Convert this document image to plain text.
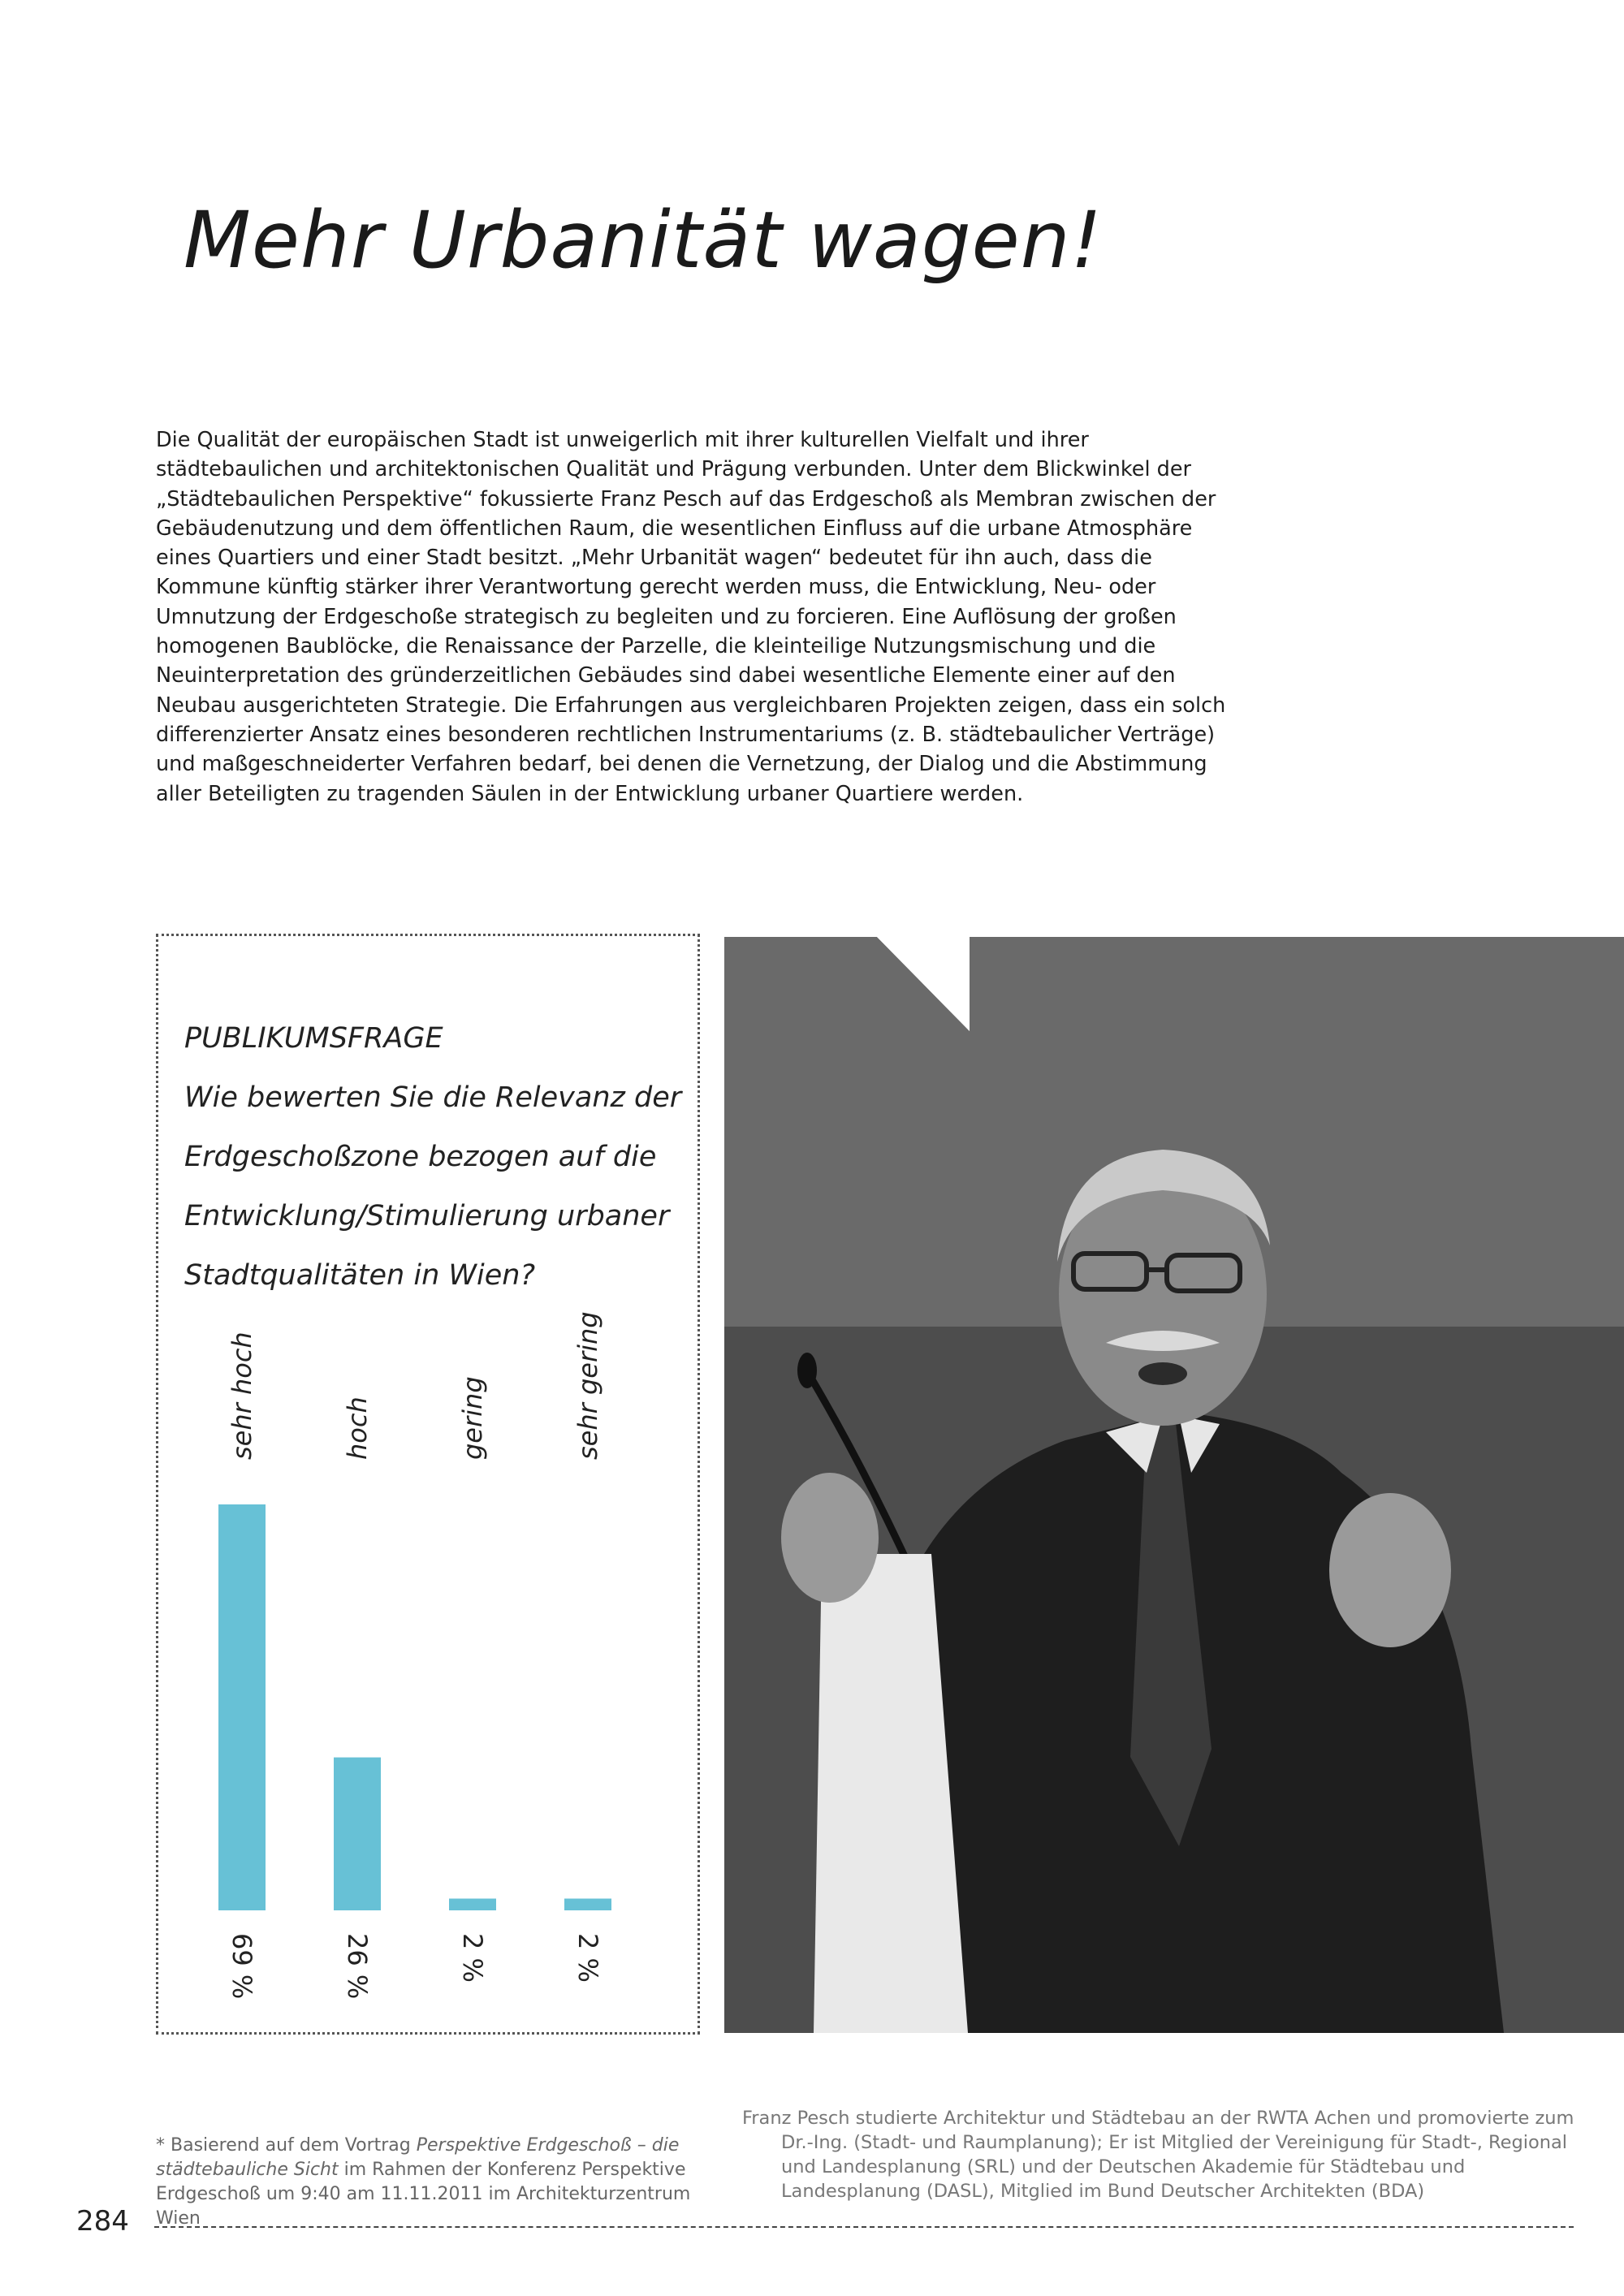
Mehr Urbanität wagen!

Die Qualität der europäischen Stadt ist unweigerlich mit ihrer kulturellen Vielfalt und ihrer städtebaulichen und architektonischen Qualität und Prägung verbunden. Unter dem Blickwinkel der „Städtebaulichen Perspektive“ fokussierte Franz Pesch auf das Erdgeschoß als Membran zwischen der Gebäudenutzung und dem öffentlichen Raum, die wesentlichen Einfluss auf die urbane Atmosphäre eines Quartiers und einer Stadt besitzt. „Mehr Urbanität wagen“ bedeutet für ihn auch, dass die Kommune künftig stärker ihrer Verantwortung gerecht werden muss, die Entwicklung, Neu- oder Umnutzung der Erdgeschoße strategisch zu begleiten und zu forcieren. Eine Auflösung der großen homogenen Baublöcke, die Renaissance der Parzelle, die kleinteilige Nutzungsmischung und die Neuinterpretation des gründerzeitlichen Gebäudes sind dabei wesentliche Elemente einer auf den Neubau ausgerichteten Strategie. Die Erfahrungen aus vergleichbaren Projekten zeigen, dass ein solch differenzierter Ansatz eines besonderen rechtlichen Instrumentariums (z. B. städtebaulicher Verträge) und maßgeschneiderter Verfahren bedarf, bei denen die Vernetzung, der Dialog und die Abstimmung aller Beteiligten zu tragenden Säulen in der Entwicklung urbaner Quartiere werden.

PUBLIKUMSFRAGE
Wie bewerten Sie die Relevanz der Erdgeschoßzone bezogen auf die Entwicklung/Stimulierung urbaner Stadtqualitäten in Wien?

sehr hoch
69 %
hoch
26 %
gering
2 %
sehr gering
2 %

* Basierend auf dem Vortrag Perspektive Erdgeschoß – die städtebauliche Sicht im Rahmen der Konferenz Perspektive Erdgeschoß um 9:40 am 11.11.2011 im Architekturzentrum Wien

Franz Pesch studierte Architektur und Städtebau an der RWTA Achen und promovierte zum
Dr.-Ing. (Stadt- und Raumplanung); Er ist Mitglied der Vereinigung für Stadt-, Regional und Landesplanung (SRL) und der Deutschen Akademie für Städtebau und Landesplanung (DASL), Mitglied im Bund Deutscher Architekten (BDA)

284
